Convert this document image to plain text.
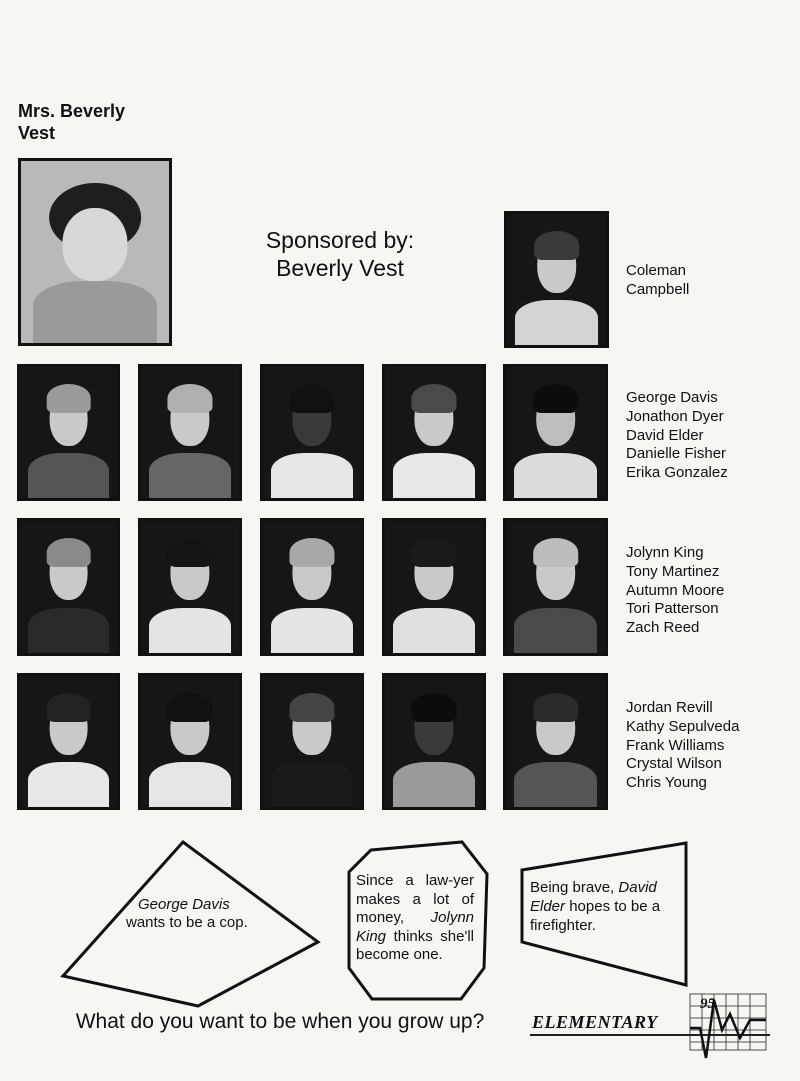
Mrs. Beverly
Vest
Sponsored by:
Beverly Vest	Coleman
Campbell
George Davis
Jonathon Dyer
David Elder
Danielle Fisher
Erika Gonzalez
Jolynn King
Tony Martinez
Autumn Moore
Tori Patterson
Zach Reed
Jordan Revill
Kathy Sepulveda
Frank Williams
Crystal Wilson
Chris Young
George Davis wants to be a cop.
Since a law-yer makes a lot of money, Jolynn King thinks she'll become one.
Being brave, David Elder hopes to be a firefighter.
What do you want to be when you grow up?	ELEMENTARY
95
